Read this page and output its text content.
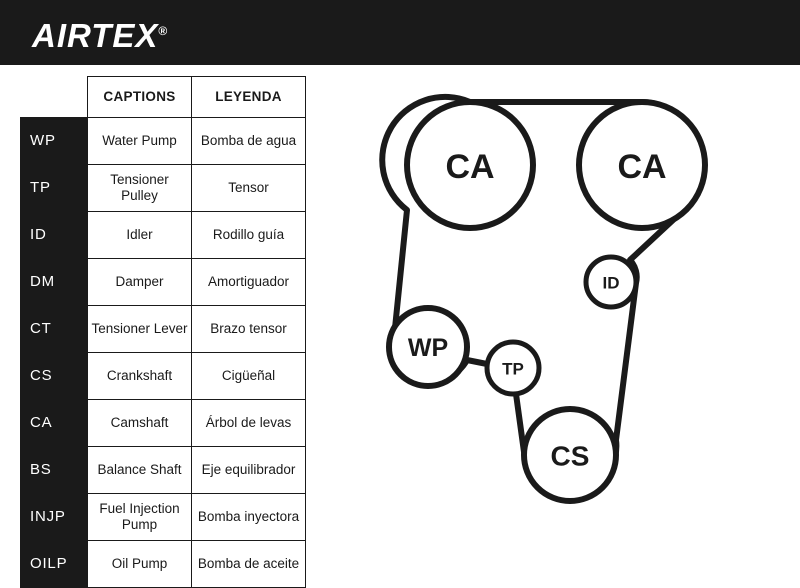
AIRTEX®
	CAPTIONS	LEYENDA
WP	Water Pump	Bomba de agua
TP	Tensioner Pulley	Tensor
ID	Idler	Rodillo guía
DM	Damper	Amortiguador
CT	Tensioner Lever	Brazo tensor
CS	Crankshaft	Cigüeñal
CA	Camshaft	Árbol de levas
BS	Balance Shaft	Eje equilibrador
INJP	Fuel Injection Pump	Bomba inyectora
OILP	Oil Pump	Bomba de aceite
CA	CA
ID
WP
TP
CS
